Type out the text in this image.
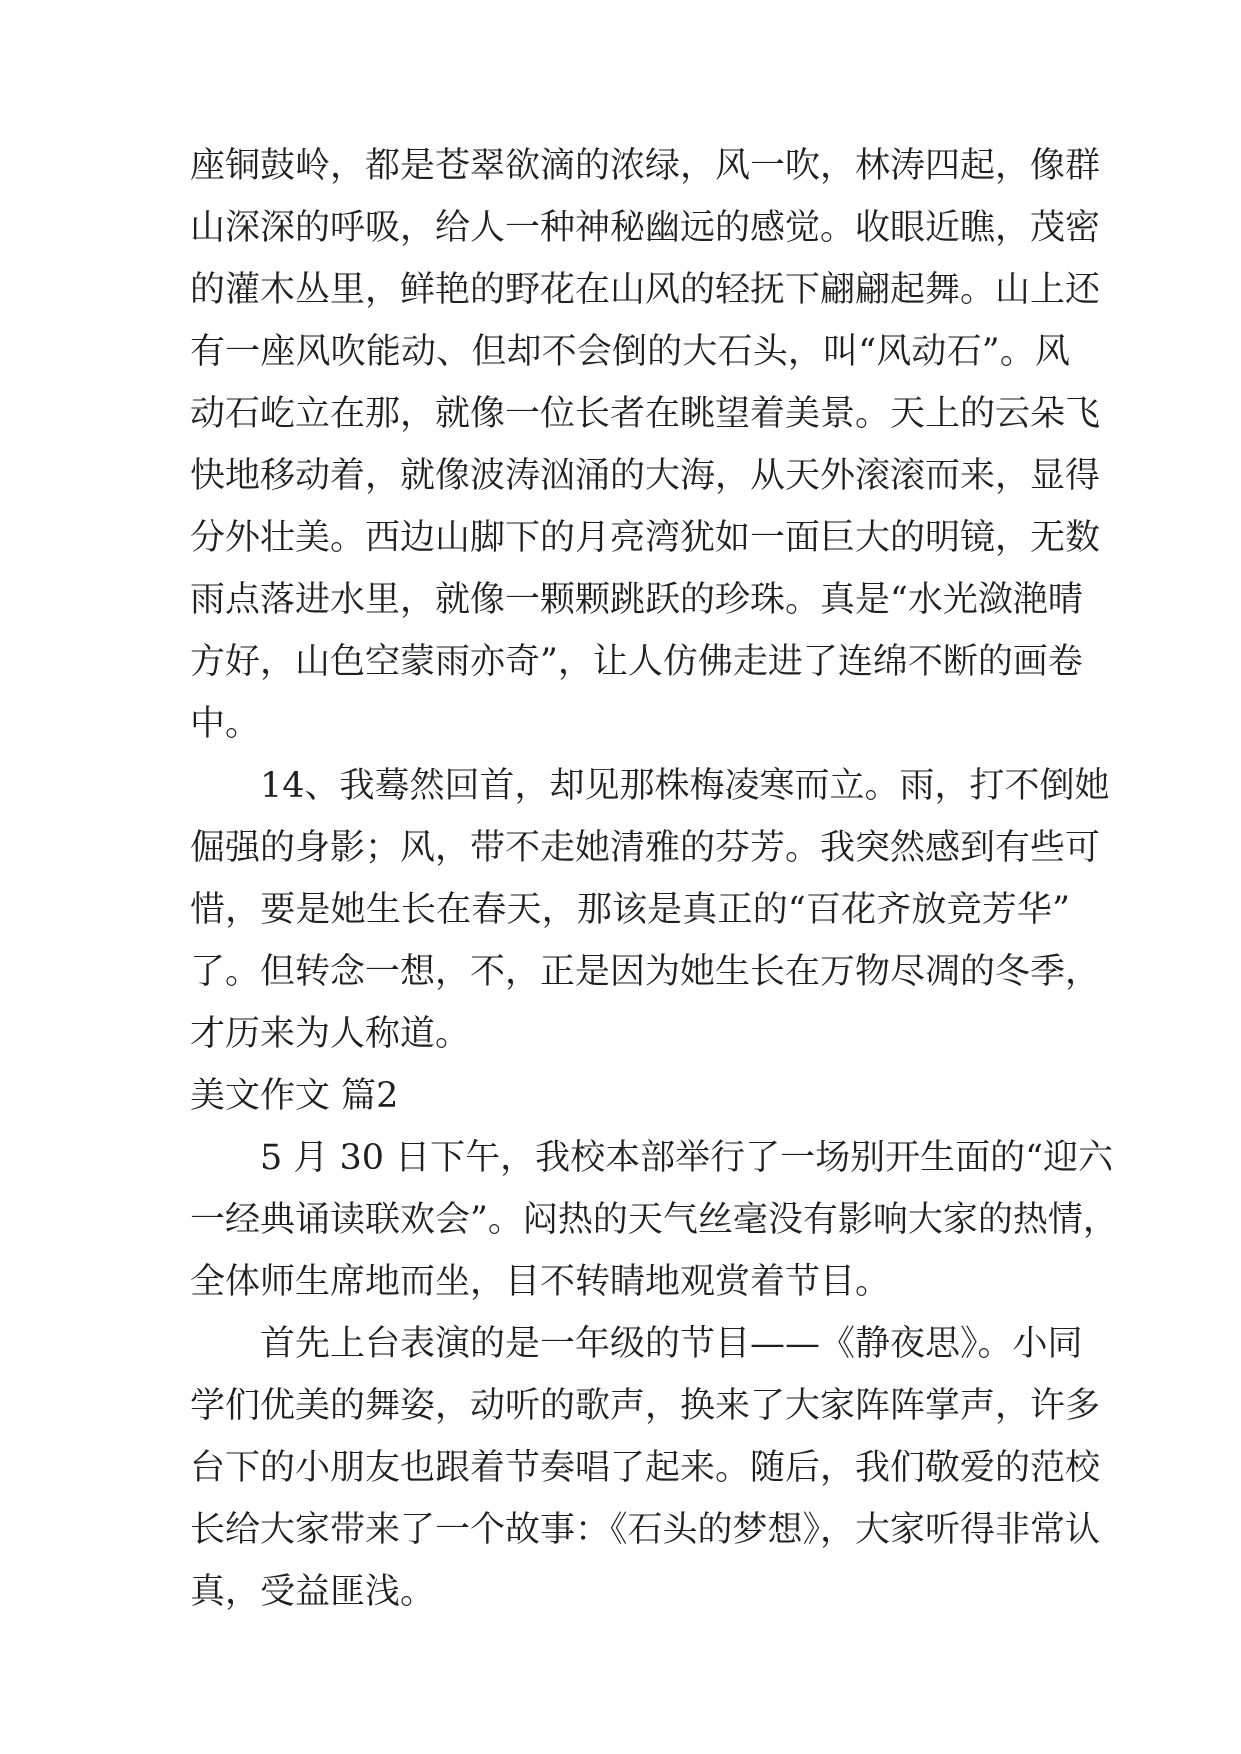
座铜鼓岭，都是苍翠欲滴的浓绿，风一吹，林涛四起，像群
山深深的呼吸，给人一种神秘幽远的感觉。收眼近瞧，茂密
的灌木丛里，鲜艳的野花在山风的轻抚下翩翩起舞。山上还
有一座风吹能动、但却不会倒的大石头，叫“风动石”。风
动石屹立在那，就像一位长者在眺望着美景。天上的云朵飞
快地移动着，就像波涛汹涌的大海，从天外滚滚而来，显得
分外壮美。西边山脚下的月亮湾犹如一面巨大的明镜，无数
雨点落进水里，就像一颗颗跳跃的珍珠。真是“水光潋滟晴
方好，山色空蒙雨亦奇”，让人仿佛走进了连绵不断的画卷
中。
14、我蓦然回首，却见那株梅凌寒而立。雨，打不倒她
倔强的身影；风，带不走她清雅的芬芳。我突然感到有些可
惜，要是她生长在春天，那该是真正的“百花齐放竞芳华”
了。但转念一想，不，正是因为她生长在万物尽凋的冬季，
才历来为人称道。
美文作文 篇2
5 月 30 日下午，我校本部举行了一场别开生面的“迎六
一经典诵读联欢会”。闷热的天气丝毫没有影响大家的热情，
全体师生席地而坐，目不转睛地观赏着节目。
首先上台表演的是一年级的节目——《静夜思》。小同
学们优美的舞姿，动听的歌声，换来了大家阵阵掌声，许多
台下的小朋友也跟着节奏唱了起来。随后，我们敬爱的范校
长给大家带来了一个故事：《石头的梦想》，大家听得非常认
真，受益匪浅。
